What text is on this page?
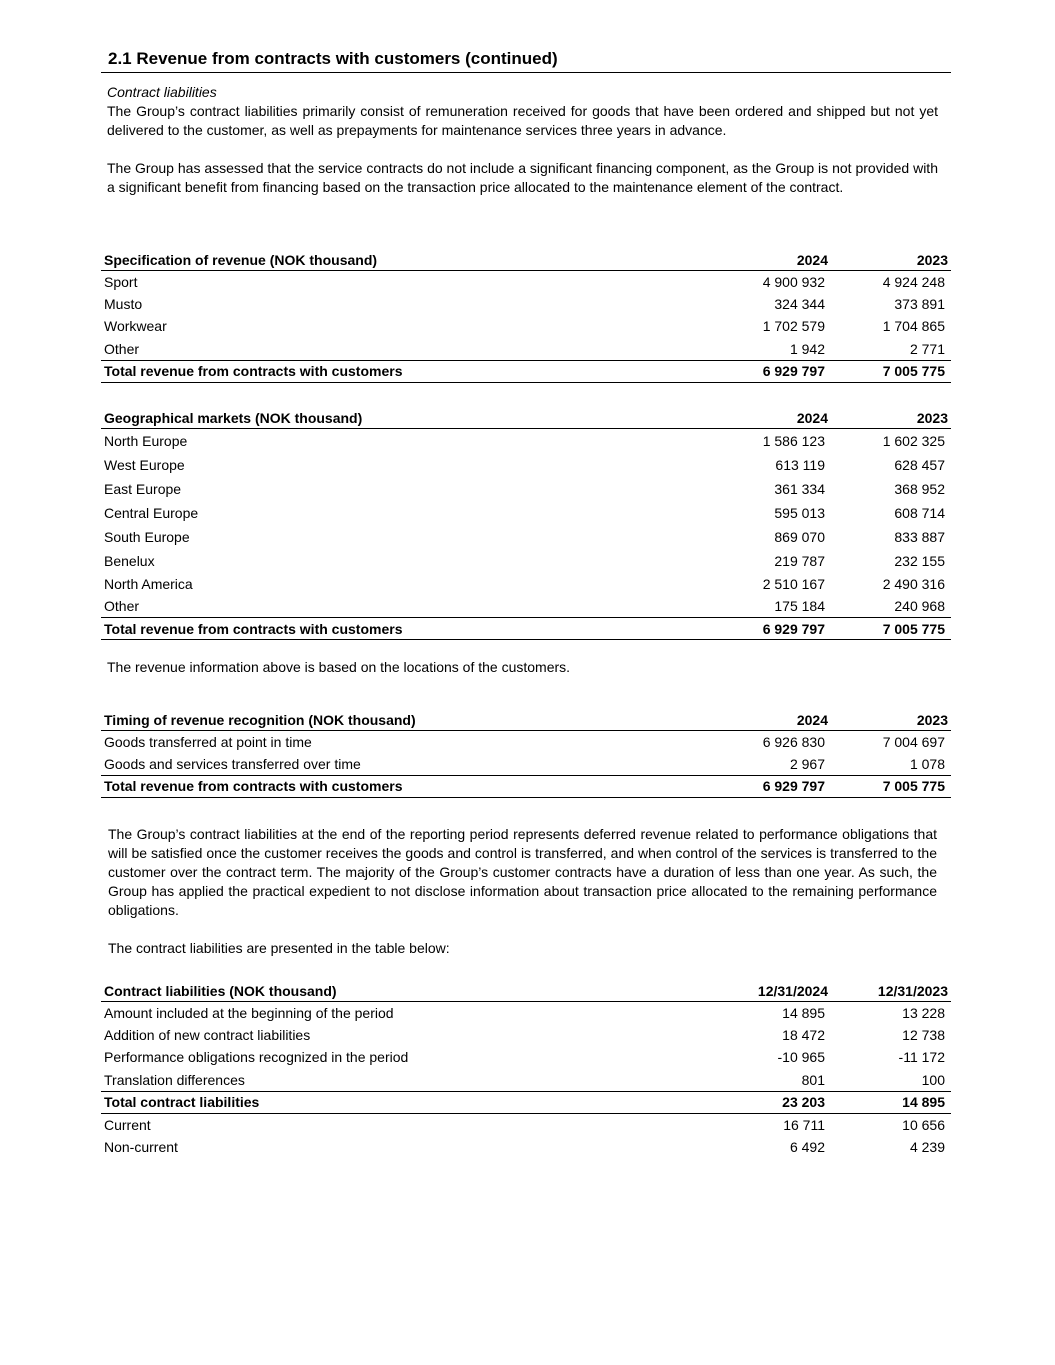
2.1 Revenue from contracts with customers (continued)

Contract liabilities

The Group’s contract liabilities primarily consist of remuneration received for goods that have been ordered and shipped but not yet delivered to the customer, as well as prepayments for maintenance services three years in advance.

The Group has assessed that the service contracts do not include a significant financing component, as the Group is not provided with a significant benefit from financing based on the transaction price allocated to the maintenance element of the contract.

Specification of revenue (NOK thousand)	2024	2023
Sport	4 900 932	4 924 248
Musto	324 344	373 891
Workwear	1 702 579	1 704 865
Other	1 942	2 771
Total revenue from contracts with customers	6 929 797	7 005 775
Geographical markets (NOK thousand)	2024	2023
North Europe	1 586 123	1 602 325
West Europe	613 119	628 457
East Europe	361 334	368 952
Central Europe	595 013	608 714
South Europe	869 070	833 887
Benelux	219 787	232 155
North America	2 510 167	2 490 316
Other	175 184	240 968
Total revenue from contracts with customers	6 929 797	7 005 775

The revenue information above is based on the locations of the customers.

Timing of revenue recognition (NOK thousand)	2024	2023
Goods transferred at point in time	6 926 830	7 004 697
Goods and services transferred over time	2 967	1 078
Total revenue from contracts with customers	6 929 797	7 005 775

The Group’s contract liabilities at the end of the reporting period represents deferred revenue related to performance obligations that will be satisfied once the customer receives the goods and control is transferred, and when control of the services is transferred to the customer over the contract term. The majority of the Group’s customer contracts have a duration of less than one year. As such, the Group has applied the practical expedient to not disclose information about transaction price allocated to the remaining performance obligations.

The contract liabilities are presented in the table below:

Contract liabilities (NOK thousand)	12/31/2024	12/31/2023
Amount included at the beginning of the period	14 895	13 228
Addition of new contract liabilities	18 472	12 738
Performance obligations recognized in the period	-10 965	-11 172
Translation differences	801	100
Total contract liabilities	23 203	14 895
Current	16 711	10 656
Non-current	6 492	4 239
